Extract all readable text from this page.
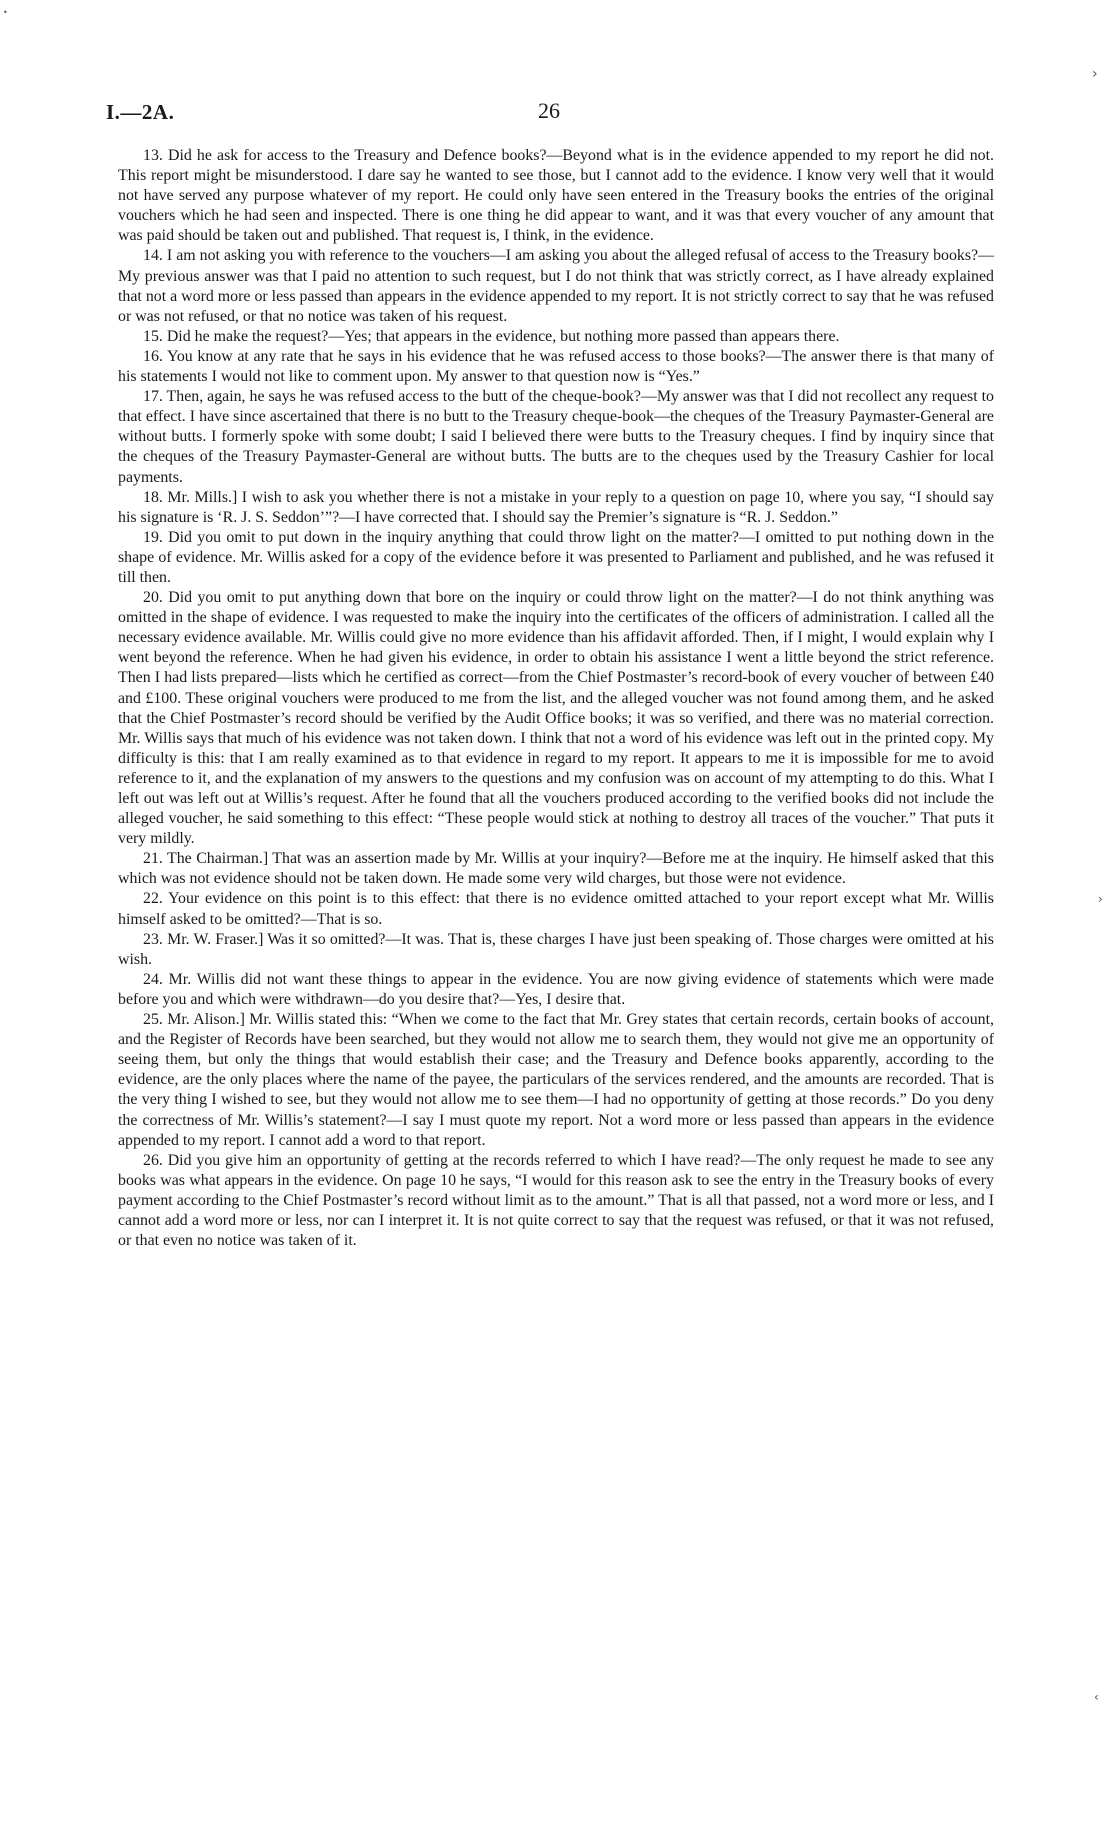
•
›
›
‹
I.—2A.	26

13. Did he ask for access to the Treasury and Defence books?—Beyond what is in the evidence appended to my report he did not. This report might be misunderstood. I dare say he wanted to see those, but I cannot add to the evidence. I know very well that it would not have served any purpose whatever of my report. He could only have seen entered in the Treasury books the entries of the original vouchers which he had seen and inspected. There is one thing he did appear to want, and it was that every voucher of any amount that was paid should be taken out and published. That request is, I think, in the evidence.

14. I am not asking you with reference to the vouchers—I am asking you about the alleged refusal of access to the Treasury books?—My previous answer was that I paid no attention to such request, but I do not think that was strictly correct, as I have already explained that not a word more or less passed than appears in the evidence appended to my report. It is not strictly correct to say that he was refused or was not refused, or that no notice was taken of his request.

15. Did he make the request?—Yes; that appears in the evidence, but nothing more passed than appears there.

16. You know at any rate that he says in his evidence that he was refused access to those books?—The answer there is that many of his statements I would not like to comment upon. My answer to that question now is “Yes.”

17. Then, again, he says he was refused access to the butt of the cheque-book?—My answer was that I did not recollect any request to that effect. I have since ascertained that there is no butt to the Treasury cheque-book—the cheques of the Treasury Paymaster-General are without butts. I formerly spoke with some doubt; I said I believed there were butts to the Treasury cheques. I find by inquiry since that the cheques of the Treasury Paymaster-General are without butts. The butts are to the cheques used by the Treasury Cashier for local payments.

18. Mr. Mills.] I wish to ask you whether there is not a mistake in your reply to a question on page 10, where you say, “I should say his signature is ‘R. J. S. Seddon’”?—I have corrected that. I should say the Premier’s signature is “R. J. Seddon.”

19. Did you omit to put down in the inquiry anything that could throw light on the matter?—I omitted to put nothing down in the shape of evidence. Mr. Willis asked for a copy of the evidence before it was presented to Parliament and published, and he was refused it till then.

20. Did you omit to put anything down that bore on the inquiry or could throw light on the matter?—I do not think anything was omitted in the shape of evidence. I was requested to make the inquiry into the certificates of the officers of administration. I called all the necessary evidence available. Mr. Willis could give no more evidence than his affidavit afforded. Then, if I might, I would explain why I went beyond the reference. When he had given his evidence, in order to obtain his assistance I went a little beyond the strict reference. Then I had lists prepared—lists which he certified as correct—from the Chief Postmaster’s record-book of every voucher of between £40 and £100. These original vouchers were produced to me from the list, and the alleged voucher was not found among them, and he asked that the Chief Postmaster’s record should be verified by the Audit Office books; it was so verified, and there was no material correction. Mr. Willis says that much of his evidence was not taken down. I think that not a word of his evidence was left out in the printed copy. My difficulty is this: that I am really examined as to that evidence in regard to my report. It appears to me it is impossible for me to avoid reference to it, and the explanation of my answers to the questions and my confusion was on account of my attempting to do this. What I left out was left out at Willis’s request. After he found that all the vouchers produced according to the verified books did not include the alleged voucher, he said something to this effect: “These people would stick at nothing to destroy all traces of the voucher.” That puts it very mildly.

21. The Chairman.] That was an assertion made by Mr. Willis at your inquiry?—Before me at the inquiry. He himself asked that this which was not evidence should not be taken down. He made some very wild charges, but those were not evidence.

22. Your evidence on this point is to this effect: that there is no evidence omitted attached to your report except what Mr. Willis himself asked to be omitted?—That is so.

23. Mr. W. Fraser.] Was it so omitted?—It was. That is, these charges I have just been speaking of. Those charges were omitted at his wish.

24. Mr. Willis did not want these things to appear in the evidence. You are now giving evidence of statements which were made before you and which were withdrawn—do you desire that?—Yes, I desire that.

25. Mr. Alison.] Mr. Willis stated this: “When we come to the fact that Mr. Grey states that certain records, certain books of account, and the Register of Records have been searched, but they would not allow me to search them, they would not give me an opportunity of seeing them, but only the things that would establish their case; and the Treasury and Defence books apparently, according to the evidence, are the only places where the name of the payee, the particulars of the services rendered, and the amounts are recorded. That is the very thing I wished to see, but they would not allow me to see them—I had no opportunity of getting at those records.” Do you deny the correctness of Mr. Willis’s statement?—I say I must quote my report. Not a word more or less passed than appears in the evidence appended to my report. I cannot add a word to that report.

26. Did you give him an opportunity of getting at the records referred to which I have read?—The only request he made to see any books was what appears in the evidence. On page 10 he says, “I would for this reason ask to see the entry in the Treasury books of every payment according to the Chief Postmaster’s record without limit as to the amount.” That is all that passed, not a word more or less, and I cannot add a word more or less, nor can I interpret it. It is not quite correct to say that the request was refused, or that it was not refused, or that even no notice was taken of it.
